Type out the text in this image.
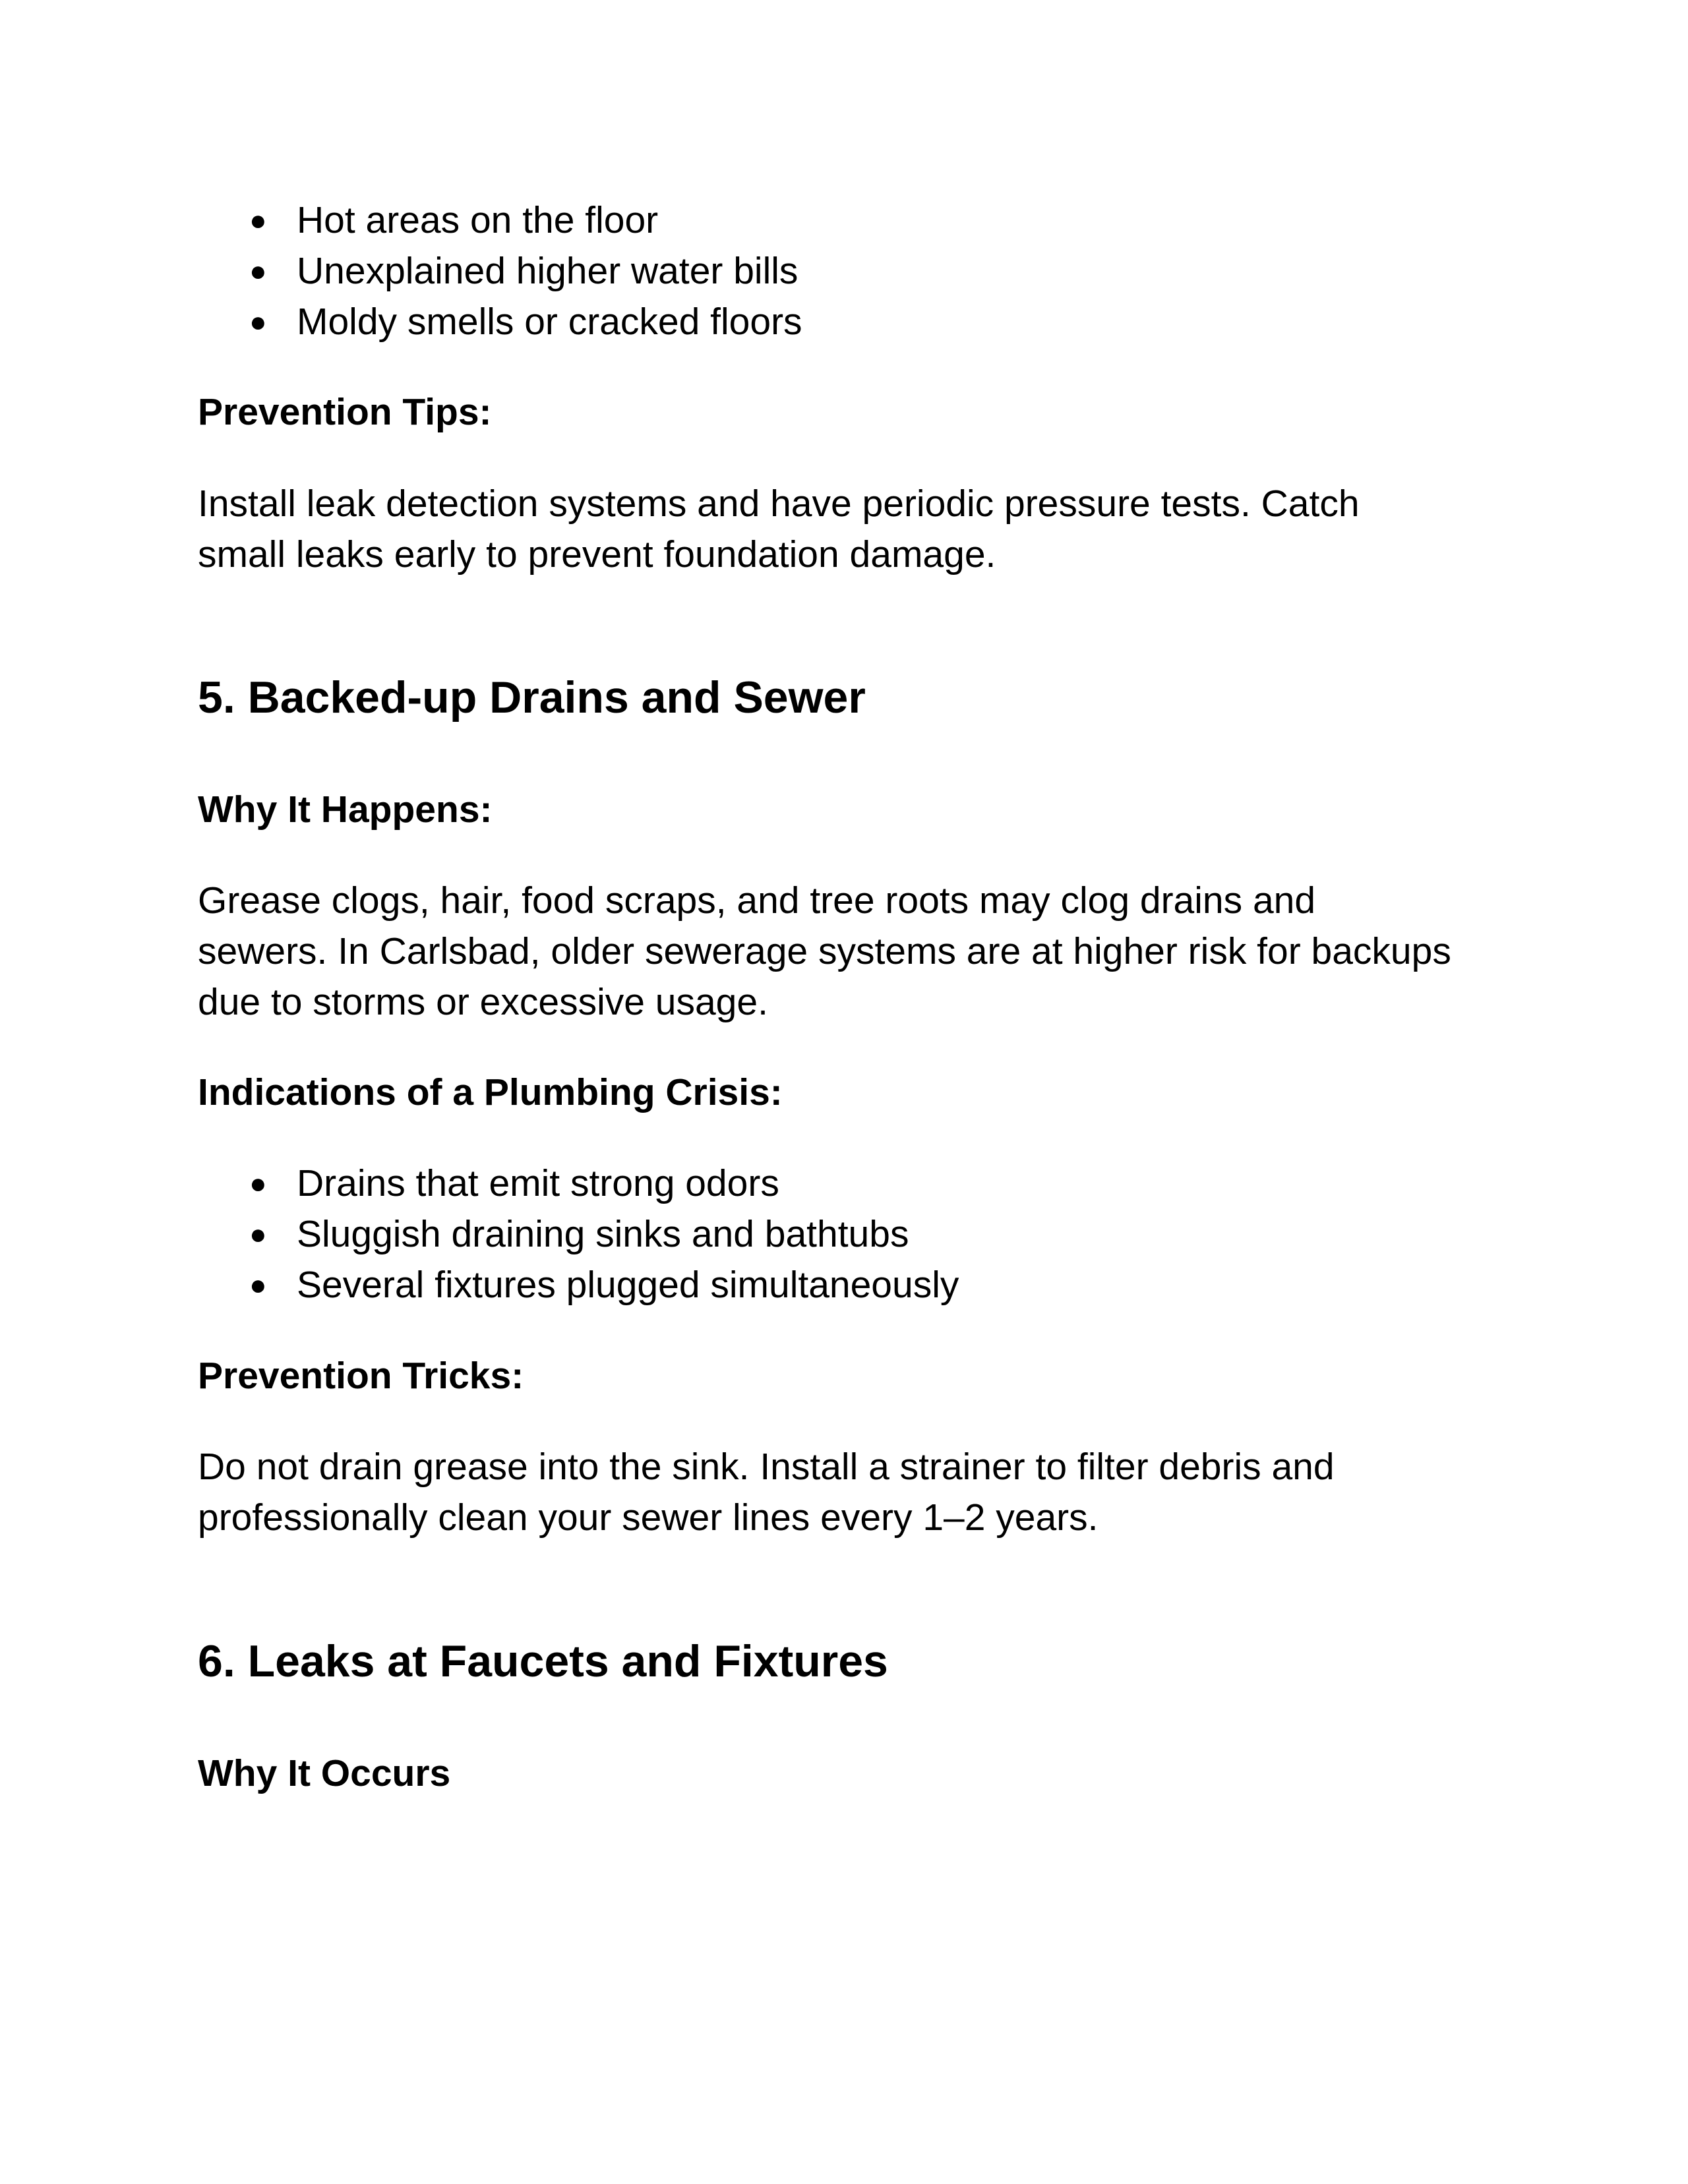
● Hot areas on the floor
● Unexplained higher water bills
● Moldy smells or cracked floors

Prevention Tips:

Install leak detection systems and have periodic pressure tests. Catch
small leaks early to prevent foundation damage.
5. Backed-up Drains and Sewer

Why It Happens:

Grease clogs, hair, food scraps, and tree roots may clog drains and
sewers. In Carlsbad, older sewerage systems are at higher risk for backups
due to storms or excessive usage.

Indications of a Plumbing Crisis:

● Drains that emit strong odors
● Sluggish draining sinks and bathtubs
● Several fixtures plugged simultaneously

Prevention Tricks:

Do not drain grease into the sink. Install a strainer to filter debris and
professionally clean your sewer lines every 1–2 years.
6. Leaks at Faucets and Fixtures

Why It Occurs
